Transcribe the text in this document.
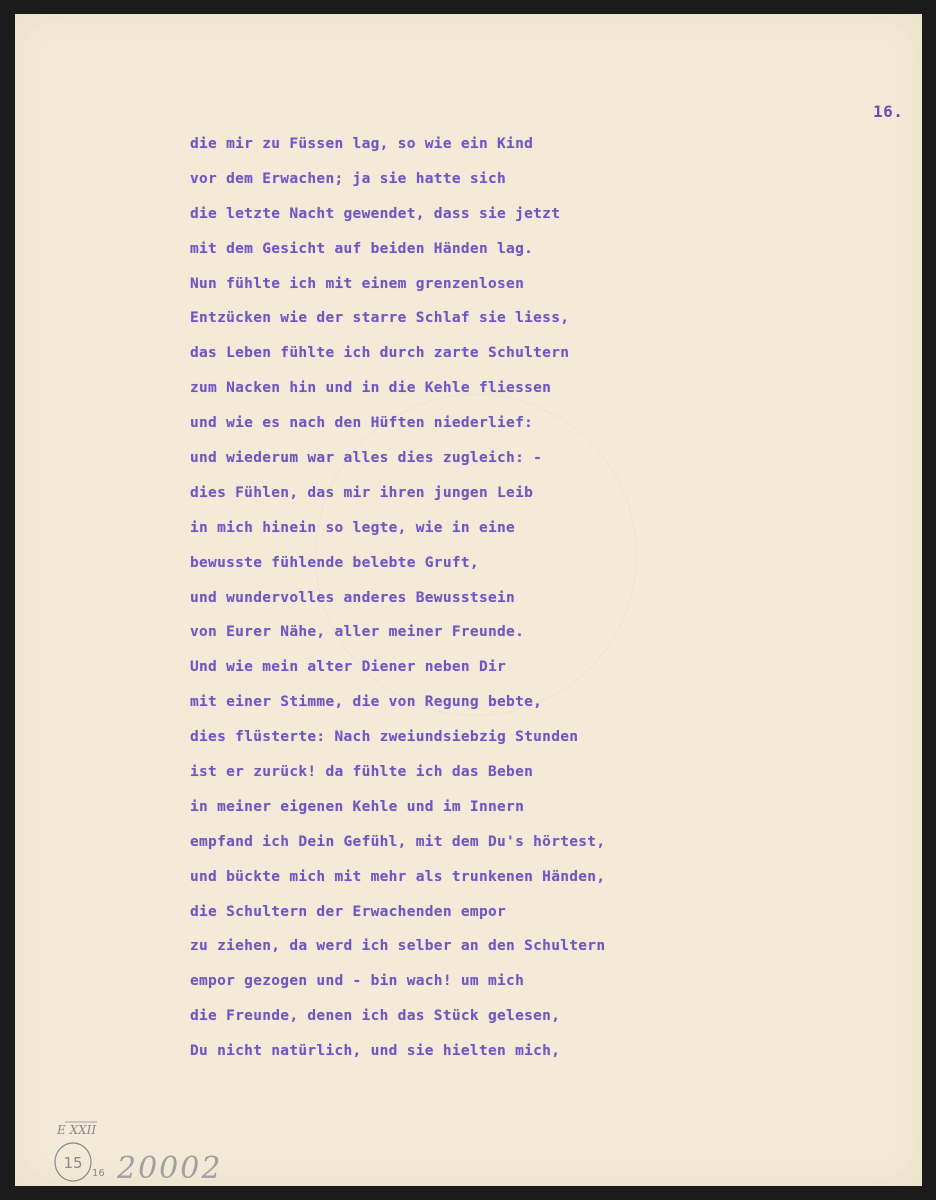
16.
die mir zu Füssen lag, so wie ein Kind
vor dem Erwachen; ja sie hatte sich
die letzte Nacht gewendet, dass sie jetzt
mit dem Gesicht auf beiden Händen lag.
Nun fühlte ich mit einem grenzenlosen
Entzücken wie der starre Schlaf sie liess,
das Leben fühlte ich durch zarte Schultern
zum Nacken hin und in die Kehle fliessen
und wie es nach den Hüften niederlief:
und wiederum war alles dies zugleich: -
dies Fühlen, das mir ihren jungen Leib
in mich hinein so legte, wie in eine
bewusste fühlende belebte Gruft,
und wundervolles anderes Bewusstsein
von Eurer Nähe, aller meiner Freunde.
Und wie mein alter Diener neben Dir
mit einer Stimme, die von Regung bebte,
dies flüsterte: Nach zweiundsiebzig Stunden
ist er zurück! da fühlte ich das Beben
in meiner eigenen Kehle und im Innern
empfand ich Dein Gefühl, mit dem Du's hörtest,
und bückte mich mit mehr als trunkenen Händen,
die Schultern der Erwachenden empor
zu ziehen, da werd ich selber an den Schultern
empor gezogen und - bin wach! um mich
die Freunde, denen ich das Stück gelesen,
Du nicht natürlich, und sie hielten mich,
E XXII
15
16 20002
